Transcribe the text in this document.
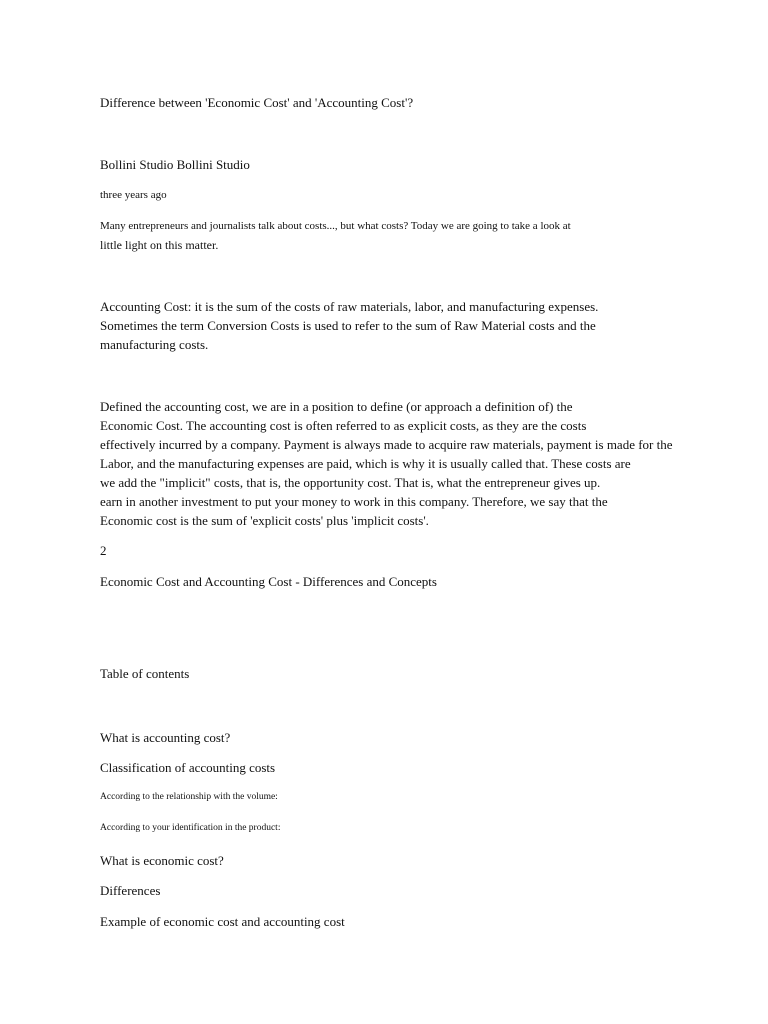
Difference between 'Economic Cost' and 'Accounting Cost'?

Bollini Studio Bollini Studio

three years ago

Many entrepreneurs and journalists talk about costs..., but what costs? Today we are going to take a look at

little light on this matter.

Accounting Cost: it is the sum of the costs of raw materials, labor, and manufacturing expenses.

Sometimes the term Conversion Costs is used to refer to the sum of Raw Material costs and the

manufacturing costs.

Defined the accounting cost, we are in a position to define (or approach a definition of) the

Economic Cost. The accounting cost is often referred to as explicit costs, as they are the costs

effectively incurred by a company. Payment is always made to acquire raw materials, payment is made for the

Labor, and the manufacturing expenses are paid, which is why it is usually called that. These costs are

we add the "implicit" costs, that is, the opportunity cost. That is, what the entrepreneur gives up.

earn in another investment to put your money to work in this company. Therefore, we say that the

Economic cost is the sum of 'explicit costs' plus 'implicit costs'.

2

Economic Cost and Accounting Cost - Differences and Concepts

Table of contents

What is accounting cost?

Classification of accounting costs

According to the relationship with the volume:

According to your identification in the product:

What is economic cost?

Differences

Example of economic cost and accounting cost
